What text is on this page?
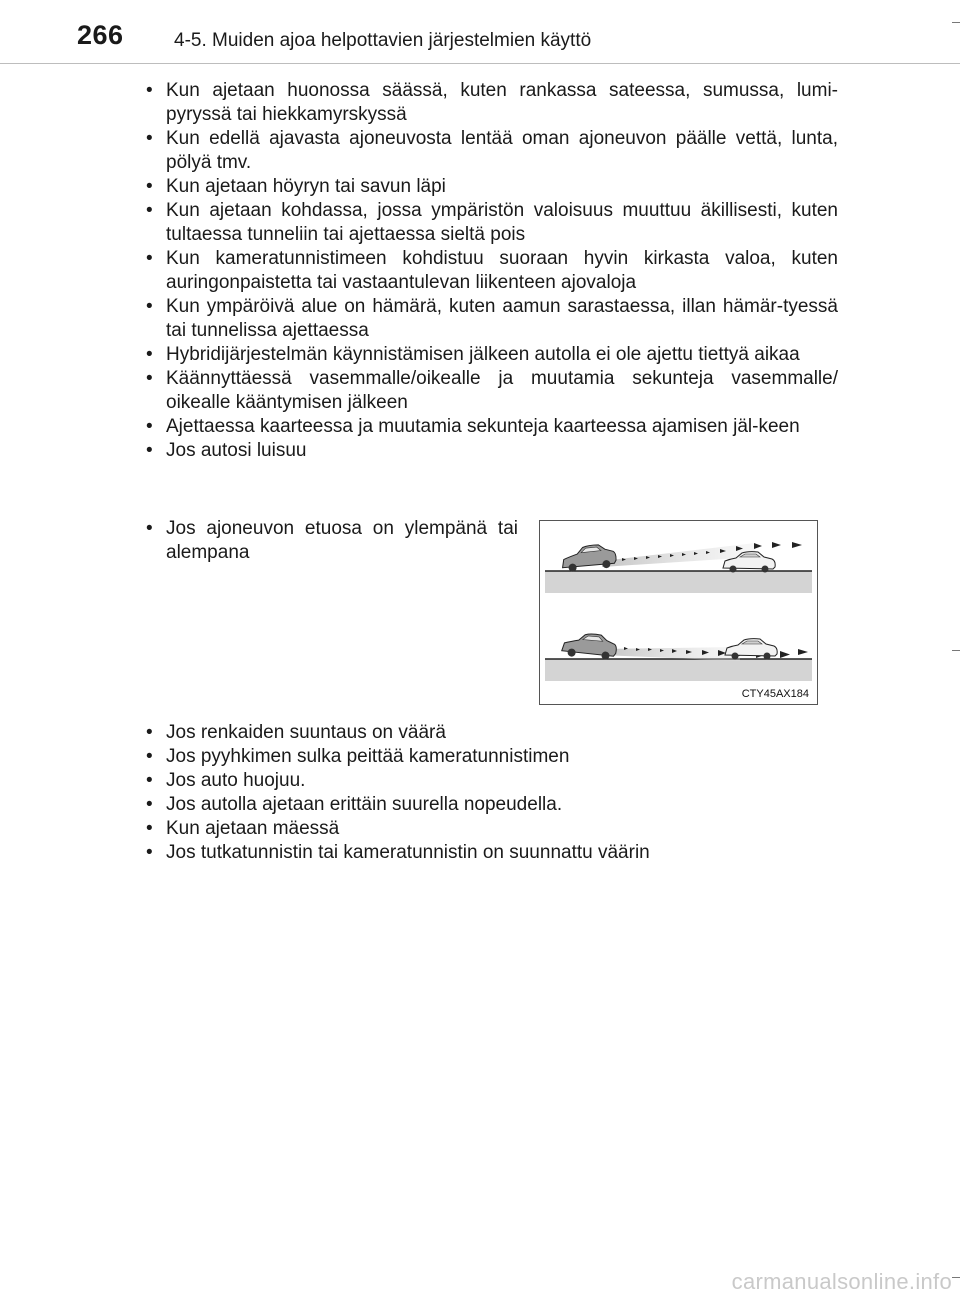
266	4-5. Muiden ajoa helpottavien järjestelmien käyttö
• Kun ajetaan huonossa säässä, kuten rankassa sateessa, sumussa, lumi-pyryssä tai hiekkamyrskyssä
• Kun edellä ajavasta ajoneuvosta lentää oman ajoneuvon päälle vettä, lunta, pölyä tmv.
• Kun ajetaan höyryn tai savun läpi
• Kun ajetaan kohdassa, jossa ympäristön valoisuus muuttuu äkillisesti, kuten tultaessa tunneliin tai ajettaessa sieltä pois
• Kun kameratunnistimeen kohdistuu suoraan hyvin kirkasta valoa, kuten auringonpaistetta tai vastaantulevan liikenteen ajovaloja
• Kun ympäröivä alue on hämärä, kuten aamun sarastaessa, illan hämär-tyessä tai tunnelissa ajettaessa
• Hybridijärjestelmän käynnistämisen jälkeen autolla ei ole ajettu tiettyä aikaa
• Käännyttäessä vasemmalle/oikealle ja muutamia sekunteja vasemmalle/ oikealle kääntymisen jälkeen
• Ajettaessa kaarteessa ja muutamia sekunteja kaarteessa ajamisen jäl-keen
• Jos autosi luisuu
• Jos ajoneuvon etuosa on ylempänä tai alempana
CTY45AX184
• Jos renkaiden suuntaus on väärä
• Jos pyyhkimen sulka peittää kameratunnistimen
• Jos auto huojuu.
• Jos autolla ajetaan erittäin suurella nopeudella.
• Kun ajetaan mäessä
• Jos tutkatunnistin tai kameratunnistin on suunnattu väärin
carmanualsonline.info
